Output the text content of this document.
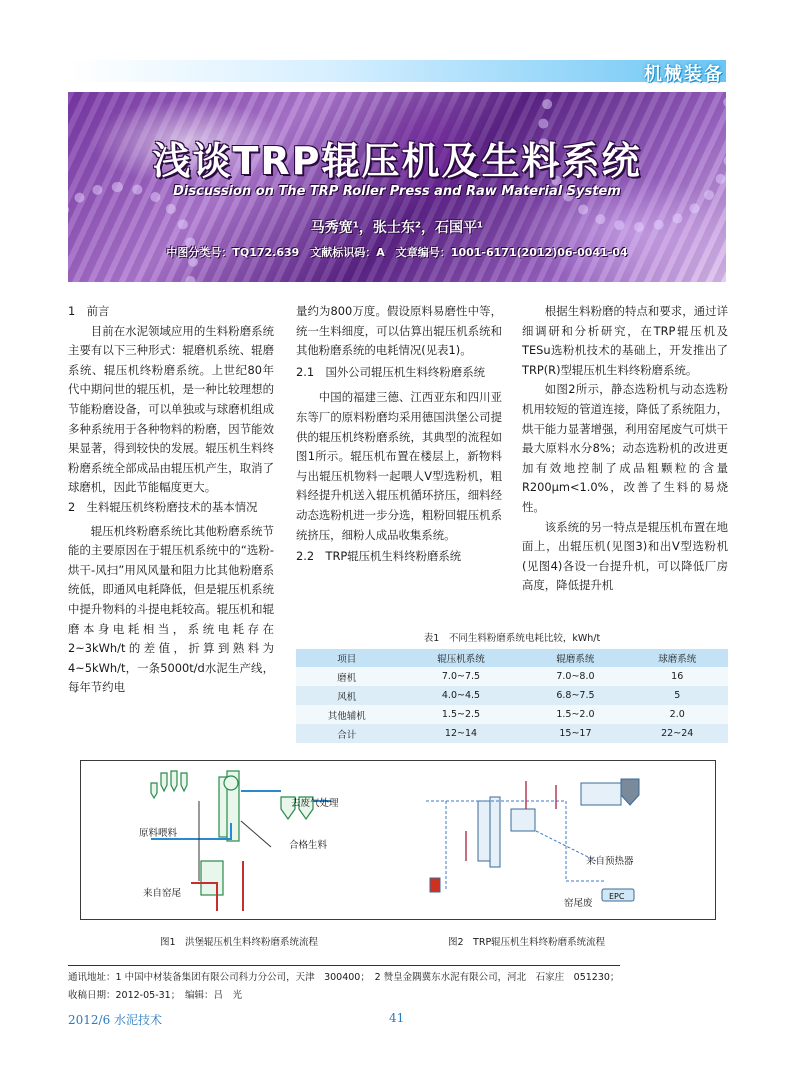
机械装备
浅谈TRP辊压机及生料系统
Discussion on The TRP Roller Press and Raw Material System
马秀宽¹，张士东²，石国平¹
中图分类号：TQ172.639　文献标识码：A　文章编号：1001-6171(2012)06-0041-04
1　前言

目前在水泥领域应用的生料粉磨系统主要有以下三种形式：辊磨机系统、辊磨系统、辊压机终粉磨系统。上世纪80年代中期问世的辊压机，是一种比较理想的节能粉磨设备，可以单独或与球磨机组成多种系统用于各种物料的粉磨，因节能效果显著，得到较快的发展。辊压机生料终粉磨系统全部成品由辊压机产生，取消了球磨机，因此节能幅度更大。

2　生料辊压机终粉磨技术的基本情况

辊压机终粉磨系统比其他粉磨系统节能的主要原因在于辊压机系统中的“选粉-烘干-风扫”用风风量和阻力比其他粉磨系统低，即通风电耗降低，但是辊压机系统中提升物料的斗提电耗较高。辊压机和辊磨本身电耗相当，系统电耗存在2~3kWh/t的差值，折算到熟料为4~5kWh/t，一条5000t/d水泥生产线，每年节约电

量约为800万度。假设原料易磨性中等，统一生料细度，可以估算出辊压机系统和其他粉磨系统的电耗情况(见表1)。

2.1　国外公司辊压机生料终粉磨系统

中国的福建三德、江西亚东和四川亚东等厂的原料粉磨均采用德国洪堡公司提供的辊压机终粉磨系统，其典型的流程如图1所示。辊压机布置在楼层上，新物料与出辊压机物料一起喂人V型选粉机，粗料经提升机送入辊压机循环挤压，细料经动态选粉机进一步分选，粗粉回辊压机系统挤压，细粉人成品收集系统。

2.2　TRP辊压机生料终粉磨系统

根据生料粉磨的特点和要求，通过详细调研和分析研究，在TRP辊压机及TESu选粉机技术的基础上，开发推出了TRP(R)型辊压机生料终粉磨系统。

如图2所示，静态选粉机与动态选粉机用较短的管道连接，降低了系统阻力，烘干能力显著增强，利用窑尾废气可烘干最大原料水分8%；动态选粉机的改进更加有效地控制了成品粗颗粒的含量R200μm<1.0%，改善了生料的易烧性。

该系统的另一特点是辊压机布置在地面上，出辊压机(见图3)和出V型选粉机(见图4)各设一台提升机，可以降低厂房高度，降低提升机

表1　不同生料粉磨系统电耗比较，kWh/t
项目	辊压机系统	辊磨系统	球磨系统
磨机	7.0~7.5	7.0~8.0	16
风机	4.0~4.5	6.8~7.5	5
其他辅机	1.5~2.5	1.5~2.0	2.0
合计	12~14	15~17	22~24
原料喂料
来自窑尾
去废气处理
合格生料
来自预热器
窑尾废
EPC
图1　洪堡辊压机生料终粉磨系统流程	图2　TRP辊压机生料终粉磨系统流程
通讯地址：1 中国中材装备集团有限公司科力分公司，天津　300400；　2 赞皇金隅冀东水泥有限公司，河北　石家庄　051230；
收稿日期：2012-05-31；　编辑：吕　光
2012/6 水泥技术	41
